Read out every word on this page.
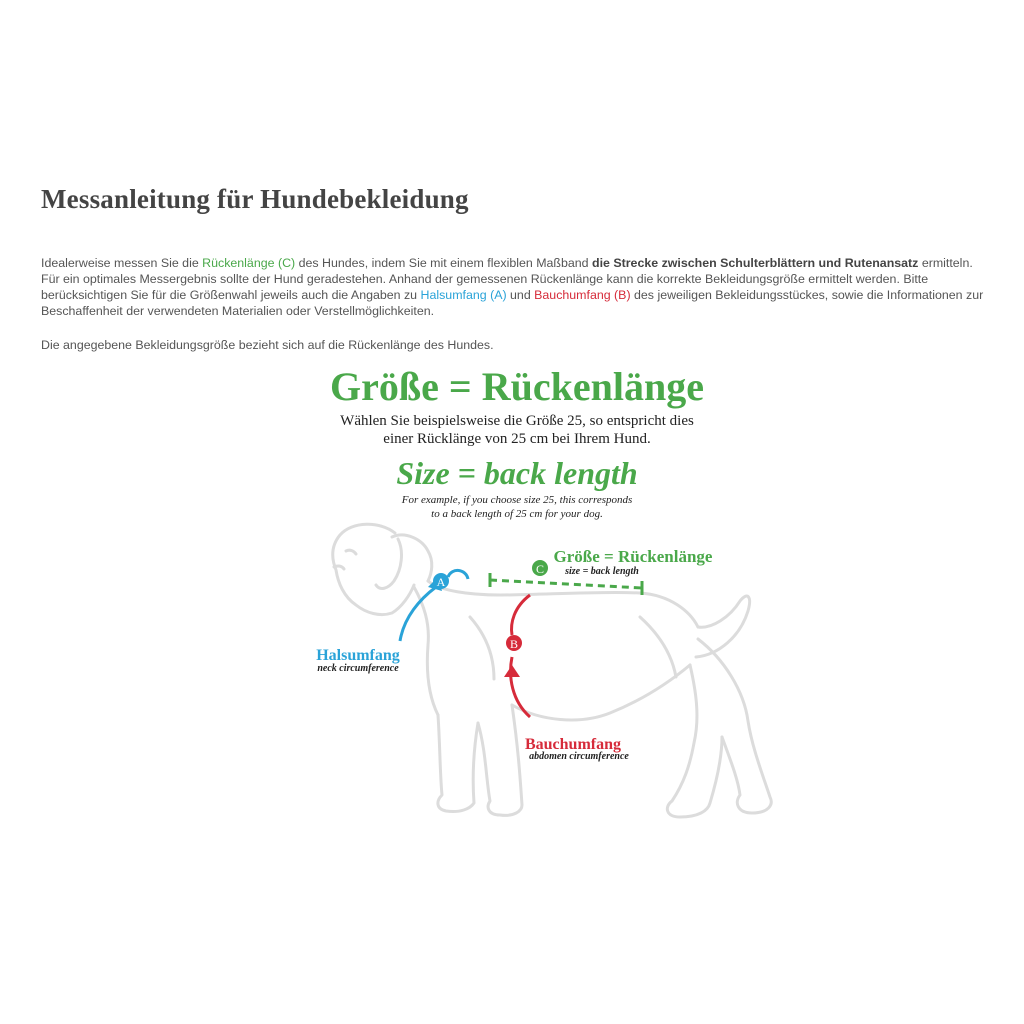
Messanleitung für Hundebekleidung

Idealerweise messen Sie die Rückenlänge (C) des Hundes, indem Sie mit einem flexiblen Maßband die Strecke zwischen Schulterblättern und Rutenansatz ermitteln. Für ein optimales Messergebnis sollte der Hund geradestehen. Anhand der gemessenen Rückenlänge kann die korrekte Bekleidungsgröße ermittelt werden. Bitte berücksichtigen Sie für die Größenwahl jeweils auch die Angaben zu Halsumfang (A) und Bauchumfang (B) des jeweiligen Bekleidungsstückes, sowie die Informationen zur Beschaffenheit der verwendeten Materialien oder Verstellmöglichkeiten.

Die angegebene Bekleidungsgröße bezieht sich auf die Rückenlänge des Hundes.

Größe = Rückenlänge
Wählen Sie beispielsweise die Größe 25, so entspricht dies
einer Rücklänge von 25 cm bei Ihrem Hund.
Size = back length
For example, if you choose size 25, this corresponds
to a back length of 25 cm for your dog.
C
Größe = Rückenlänge
size = back length
A
Halsumfang
neck circumference
B
Bauchumfang
abdomen circumference
